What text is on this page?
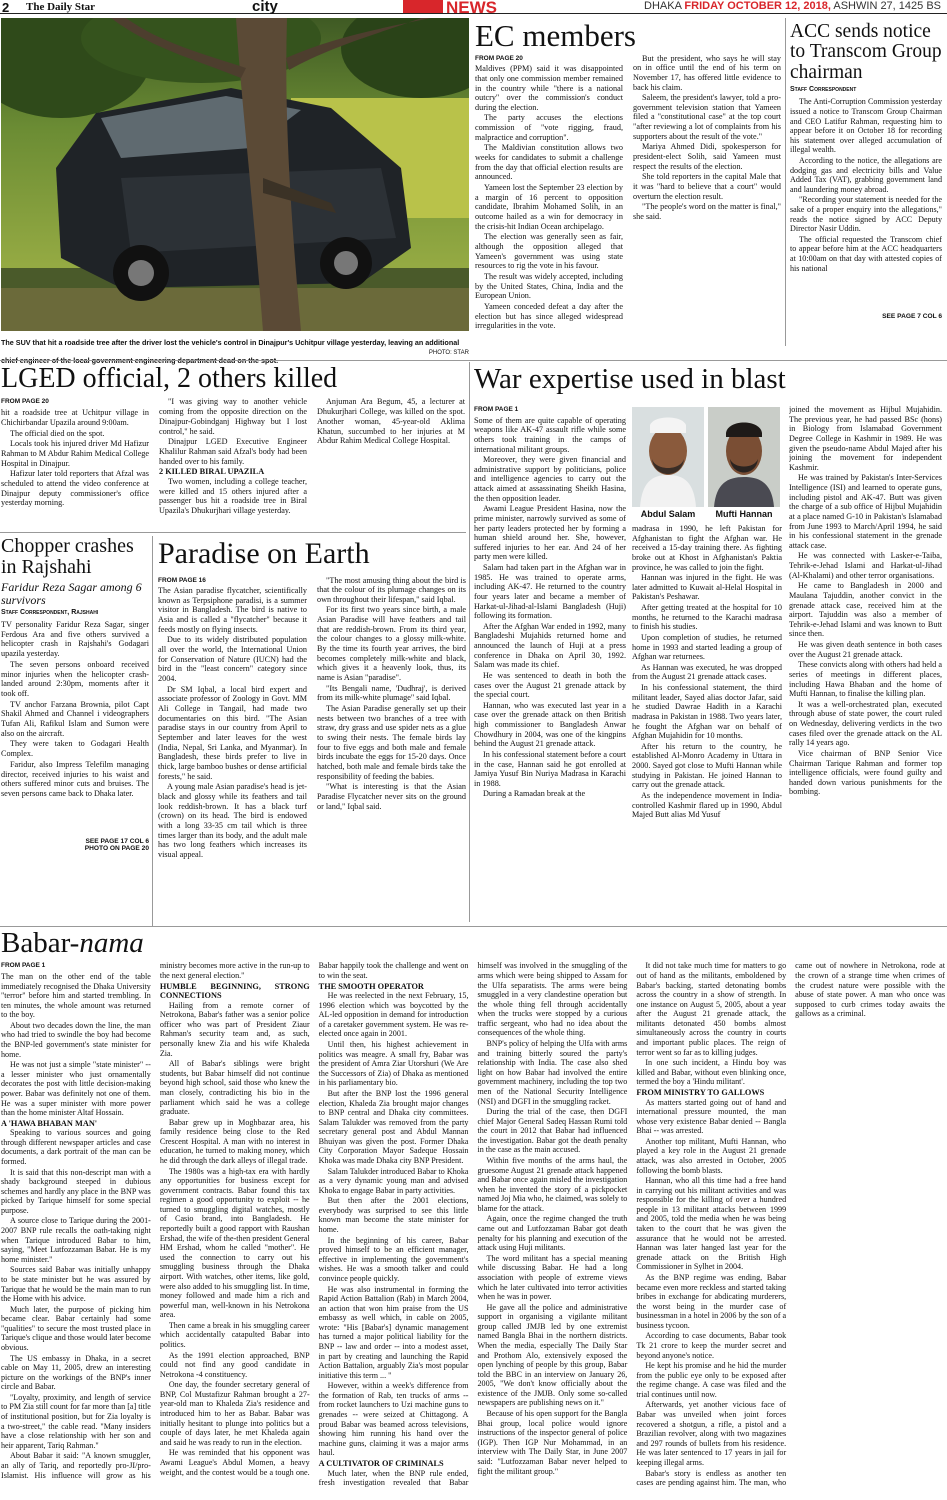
2 The Daily Star	city	NEWS	DHAKA FRIDAY OCTOBER 12, 2018, ASHWIN 27, 1425 BS
The SUV that hit a roadside tree after the driver lost the vehicle's control in Dinajpur's Uchitpur village yesterday, leaving an additional
PHOTO: STAR
EC members
FROM PAGE 20

Maldives (PPM) said it was disappointed that only one commission member remained in the country while "there is a national outcry" over the commission's conduct during the election.

The party accuses the elections commission of "vote rigging, fraud, malpractice and corruption".

The Maldivian constitution allows two weeks for candidates to submit a challenge from the day that official election results are announced.

Yameen lost the September 23 election by a margin of 16 percent to opposition candidate, Ibrahim Mohamed Solih, in an outcome hailed as a win for democracy in the crisis-hit Indian Ocean archipelago.

The election was generally seen as fair, although the opposition alleged that Yameen's government was using state resources to rig the vote in his favour.

The result was widely accepted, including by the United States, China, India and the European Union.

Yameen conceded defeat a day after the election but has since alleged widespread irregularities in the vote.

But the president, who says he will stay on in office until the end of his term on November 17, has offered little evidence to back his claim.

Saleem, the president's lawyer, told a pro-government television station that Yameen filed a "constitutional case" at the top court "after reviewing a lot of complaints from his supporters about the result of the vote."

Mariya Ahmed Didi, spokesperson for president-elect Solih, said Yameen must respect the results of the election.

She told reporters in the capital Male that it was "hard to believe that a court" would overturn the election result.

"The people's word on the matter is final," she said.

ACC sends notice to Transcom Group chairman
Staff Correspondent

The Anti-Corruption Commission yesterday issued a notice to Transcom Group Chairman and CEO Latifur Rahman, requesting him to appear before it on October 18 for recording his statement over alleged accumulation of illegal wealth.

According to the notice, the allegations are dodging gas and electricity bills and Value Added Tax (VAT), grabbing government land and laundering money abroad.

"Recording your statement is needed for the sake of a proper enquiry into the allegations," reads the notice signed by ACC Deputy Director Nasir Uddin.

The official requested the Transcom chief to appear before him at the ACC headquarters at 10:00am on that day with attested copies of his national

SEE PAGE 7 COL 6
LGED official, 2 others killed
FROM PAGE 20

hit a roadside tree at Uchitpur village in Chichirbandar Upazila around 9:00am.

The official died on the spot.

Locals took his injured driver Md Hafizur Rahman to M Abdur Rahim Medical College Hospital in Dinajpur.

Hafizur later told reporters that Afzal was scheduled to attend the video conference at Dinajpur deputy commissioner's office yesterday morning.

"I was giving way to another vehicle coming from the opposite direction on the Dinajpur-Gobindganj Highway but I lost control," he said.

Dinajpur LGED Executive Engineer Khalilur Rahman said Afzal's body had been handed over to his family.

2 KILLED BIRAL UPAZILA

Two women, including a college teacher, were killed and 15 others injured after a passenger bus hit a roadside tree in Biral Upazila's Dhukurjhari village yesterday.

Anjuman Ara Begum, 45, a lecturer at Dhukurjhari College, was killed on the spot. Another woman, 45-year-old Aklima Khatun, succumbed to her injuries at M Abdur Rahim Medical College Hospital.

Chopper crashes in Rajshahi
Faridur Reza Sagar among 6 survivors
Staff Correspondent, Rajshahi

TV personality Faridur Reza Sagar, singer Ferdous Ara and five others survived a helicopter crash in Rajshahi's Godagari upazila yesterday.

The seven persons onboard received minor injuries when the helicopter crash-landed around 2:30pm, moments after it took off.

TV anchor Farzana Brownia, pilot Capt Shakil Ahmed and Channel i videographers Tufan Ali, Rafikul Islam and Sumon were also on the aircraft.

They were taken to Godagari Health Complex.

Faridur, also Impress Telefilm managing director, received injuries to his waist and others suffered minor cuts and bruises. The seven persons came back to Dhaka later.

SEE PAGE 17 COL 6
PHOTO ON PAGE 20
Paradise on Earth
FROM PAGE 16

The Asian paradise flycatcher, scientifically known as Terpsiphone paradisi, is a summer visitor in Bangladesh. The bird is native to Asia and is called a "flycatcher" because it feeds mostly on flying insects.

Due to its widely distributed population all over the world, the International Union for Conservation of Nature (IUCN) had the bird in the "least concern" category since 2004.

Dr SM Iqbal, a local bird expert and associate professor of Zoology in Govt. MM Ali College in Tangail, had made two documentaries on this bird. "The Asian paradise stays in our country from April to September and later leaves for the west (India, Nepal, Sri Lanka, and Myanmar). In Bangladesh, these birds prefer to live in thick, large bamboo bushes or dense artificial forests," he said.

A young male Asian paradise's head is jet-black and glossy while its feathers and tail look reddish-brown. It has a black turf (crown) on its head. The bird is endowed with a long 33-35 cm tail which is three times larger than its body, and the adult male has two long feathers which increases its visual appeal.

"The most amusing thing about the bird is that the colour of its plumage changes on its own throughout their lifespan," said Iqbal.

For its first two years since birth, a male Asian Paradise will have feathers and tail that are reddish-brown. From its third year, the colour changes to a glossy milk-white. By the time its fourth year arrives, the bird becomes completely milk-white and black, which gives it a heavenly look, thus, its name is Asian "paradise".

"Its Bengali name, 'Dudhraj', is derived from its milk-white plumage" said Iqbal.

The Asian Paradise generally set up their nests between two branches of a tree with straw, dry grass and use spider nets as a glue to swing their nests. The female birds lay four to five eggs and both male and female birds incubate the eggs for 15-20 days. Once hatched, both male and female birds take the responsibility of feeding the babies.

"What is interesting is that the Asian Paradise Flycatcher never sits on the ground or land," Iqbal said.

War expertise used in blast
FROM PAGE 1

Some of them are quite capable of operating weapons like AK-47 assault rifle while some others took training in the camps of international militant groups.

Moreover, they were given financial and administrative support by politicians, police and intelligence agencies to carry out the attack aimed at assassinating Sheikh Hasina, the then opposition leader.

Awami League President Hasina, now the prime minister, narrowly survived as some of her party leaders protected her by forming a human shield around her. She, however, suffered injuries to her ear. And 24 of her party men were killed.

Salam had taken part in the Afghan war in 1985. He was trained to operate arms, including AK-47. He returned to the country four years later and became a member of Harkat-ul-Jihad-al-Islami Bangladesh (Huji) following its formation.

After the Afghan War ended in 1992, many Bangladeshi Mujahids returned home and announced the launch of Huji at a press conference in Dhaka on April 30, 1992. Salam was made its chief.

He was sentenced to death in both the cases over the August 21 grenade attack by the special court.

Hannan, who was executed last year in a case over the grenade attack on then British high commissioner to Bangladesh Anwar Chowdhury in 2004, was one of the kingpins behind the August 21 grenade attack.

In his confessional statement before a court in the case, Hannan said he got enrolled at Jamiya Yusuf Bin Nuriya Madrasa in Karachi in 1988.

During a Ramadan break at the

Abdul Salam	Mufti Hannan

madrasa in 1990, he left Pakistan for Afghanistan to fight the Afghan war. He received a 15-day training there. As fighting broke out at Khost in Afghanistan's Paktia province, he was called to join the fight.

Hannan was injured in the fight. He was later admitted to Kuwait al-Helal Hospital in Pakistan's Peshawar.

After getting treated at the hospital for 10 months, he returned to the Karachi madrasa to finish his studies.

Upon completion of studies, he returned home in 1993 and started leading a group of Afghan war returnees.

As Hannan was executed, he was dropped from the August 21 grenade attack cases.

In his confessional statement, the third militant leader, Sayed alias doctor Jafar, said he studied Dawrae Hadith in a Karachi madrasa in Pakistan in 1988. Two years later, he fought the Afghan war on behalf of Afghan Mujahidin for 10 months.

After his return to the country, he established Al-Monro Academy in Uttara in 2000. Sayed got close to Mufti Hannan while studying in Pakistan. He joined Hannan to carry out the grenade attack.

As the independence movement in India-controlled Kashmir flared up in 1990, Abdul Majed Butt alias Md Yusuf

joined the movement as Hijbul Mujahidin. The previous year, he had passed BSc (hons) in Biology from Islamabad Government Degree College in Kashmir in 1989. He was given the pseudo-name Abdul Majed after his joining the movement for independent Kashmir.

He was trained by Pakistan's Inter-Services Intelligence (ISI) and learned to operate guns, including pistol and AK-47. Butt was given the charge of a sub office of Hijbul Mujahidin at a place named G-10 in Pakistan's Islamabad from June 1993 to March/April 1994, he said in his confessional statement in the grenade attack case.

He was connected with Lasker-e-Taiba, Tehrik-e-Jehad Islami and Harkat-ul-Jihad (Al-Khalami) and other terror organisations.

He came to Bangladesh in 2000 and Maulana Tajuddin, another convict in the grenade attack case, received him at the airport. Tajuddin was also a member of Tehrik-e-Jehad Islami and was known to Butt since then.

He was given death sentence in both cases over the August 21 grenade attack.

These convicts along with others had held a series of meetings in different places, including Hawa Bhaban and the home of Mufti Hannan, to finalise the killing plan.

It was a well-orchestrated plan, executed through abuse of state power, the court ruled on Wednesday, delivering verdicts in the two cases filed over the grenade attack on the AL rally 14 years ago.

Vice chairman of BNP Senior Vice Chairman Tarique Rahman and former top intelligence officials, were found guilty and handed down various punishments for the bombing.

Babar-nama
FROM PAGE 1

The man on the other end of the table immediately recognised the Dhaka University "terror" before him and started trembling. In ten minutes, the whole amount was returned to the boy.

About two decades down the line, the man who had tried to swindle the boy had become the BNP-led government's state minister for home.

He was not just a simple "state minister" -- a lesser minister who just ornamentally decorates the post with little decision-making power. Babar was definitely not one of them. He was a super minister with more power than the home minister Altaf Hossain.

A 'HAWA BHABAN MAN'

Speaking to various sources and going through different newspaper articles and case documents, a dark portrait of the man can be formed.

It is said that this non-descript man with a shady background steeped in dubious schemes and hardly any place in the BNP was picked by Tarique himself for some special purpose.

A source close to Tarique during the 2001-2007 BNP rule recalls the oath-taking night when Tarique introduced Babar to him, saying, "Meet Lutfozzaman Babar. He is my home minister."

Sources said Babar was initially unhappy to be state minister but he was assured by Tarique that he would be the main man to run the Home with his advice.

Much later, the purpose of picking him became clear. Babar certainly had some "qualities" to secure the most trusted place in Tarique's clique and those would later become obvious.

The US embassy in Dhaka, in a secret cable on May 11, 2005, drew an interesting picture on the workings of the BNP's inner circle and Babar.

"Loyalty, proximity, and length of service to PM Zia still count for far more than [a] title of institutional position, but for Zia loyalty is a two-street," the cable read. "Many insiders have a close relationship with her son and heir apparent, Tariq Rahman."

About Babar it said: "A known smuggler, an ally of Tariq, and reportedly pro-JI/pro-Islamist. His influence will grow as his ministry becomes more active in the run-up to the next general election."

HUMBLE BEGINNING, STRONG CONNECTIONS

Hailing from a remote corner of Netrokona, Babar's father was a senior police officer who was part of President Ziaur Rahman's security team and, as such, personally knew Zia and his wife Khaleda Zia.

All of Babar's siblings were bright students, but Babar himself did not continue beyond high school, said those who knew the man closely, contradicting his bio in the parliament which said he was a college graduate.

Babar grew up in Moghbazar area, his family residence being close to the Red Crescent Hospital. A man with no interest in education, he turned to making money, which he did through the dark alleys of illegal trade.

The 1980s was a high-tax era with hardly any opportunities for business except for government contracts. Babar found this tax regimen a good opportunity to exploit -- he turned to smuggling digital watches, mostly of Casio brand, into Bangladesh. He reportedly built a good rapport with Raushan Ershad, the wife of the-then president General HM Ershad, whom he called "mother". He used the connection to carry out his smuggling business through the Dhaka airport. With watches, other items, like gold, were also added to his smuggling list. In time, money followed and made him a rich and powerful man, well-known in his Netrokona area.

Then came a break in his smuggling career which accidentally catapulted Babar into politics.

As the 1991 election approached, BNP could not find any good candidate in Netrokona -4 constituency.

One day, the founder secretary general of BNP, Col Mustafizur Rahman brought a 27-year-old man to Khaleda Zia's residence and introduced him to her as Babar. Babar was initially hesitant to plunge into politics but a couple of days later, he met Khaleda again and said he was ready to run in the election.

He was reminded that his opponent was Awami League's Abdul Momen, a heavy weight, and the contest would be a tough one. Babar happily took the challenge and went on to win the seat.

THE SMOOTH OPERATOR

He was reelected in the next February, 15, 1996 election which was boycotted by the AL-led opposition in demand for introduction of a caretaker government system. He was re-elected once again in 2001.

Until then, his highest achievement in politics was meagre. A small fry, Babar was the president of Amra Ziar Utorshuri (We Are the Successors of Zia) of Dhaka as mentioned in his parliamentary bio.

But after the BNP lost the 1996 general election, Khaleda Zia brought major changes to BNP central and Dhaka city committees. Salam Talukder was removed from the party secretary general post and Abdul Mannan Bhuiyan was given the post. Former Dhaka City Corporation Mayor Sadeque Hossain Khoka was made Dhaka city BNP President.

Salam Talukder introduced Babar to Khoka as a very dynamic young man and advised Khoka to engage Babar in party activities.

But then after the 2001 elections, everybody was surprised to see this little known man become the state minister for home.

In the beginning of his career, Babar proved himself to be an efficient manager, effective in implementing the government's wishes. He was a smooth talker and could convince people quickly.

He was also instrumental in forming the Rapid Action Battalion (Rab) in March 2004, an action that won him praise from the US embassy as well which, in cable on 2005, wrote: "His [Babar's] dynamic management has turned a major political liability for the BNP -- law and order -- into a modest asset, in part by creating and launching the Rapid Action Battalion, arguably Zia's most popular initiative this term ... "

However, within a week's difference from the formation of Rab, ten trucks of arms -- from rocket launchers to Uzi machine guns to grenades -- were seized at Chittagong. A proud Babar was beamed across televisions, showing him running his hand over the machine guns, claiming it was a major arms haul.

A CULTIVATOR OF CRIMINALS

Much later, when the BNP rule ended, fresh investigation revealed that Babar himself was involved in the smuggling of the arms which were being shipped to Assam for the Ulfa separatists. The arms were being smuggled in a very clandestine operation but the whole thing fell through accidentally when the trucks were stopped by a curious traffic sergeant, who had no idea about the consequences of the whole thing.

BNP's policy of helping the Ulfa with arms and training bitterly soured the party's relationship with India. The case also shed light on how Babar had involved the entire government machinery, including the top two men of the National Security Intelligence (NSI) and DGFI in the smuggling racket.

During the trial of the case, then DGFI chief Major General Sadeq Hassan Rumi told the court in 2012 that Babar had influenced the investigation. Babar got the death penalty in the case as the main accused.

Within five months of the arms haul, the gruesome August 21 grenade attack happened and Babar once again misled the investigation when he invented the story of a pickpocket named Joj Mia who, he claimed, was solely to blame for the attack.

Again, once the regime changed the truth came out and Lutfozzaman Babar got death penalty for his planning and execution of the attack using Huji militants.

The word militant has a special meaning while discussing Babar. He had a long association with people of extreme views which he later cultivated into terror activities when he was in power.

He gave all the police and administrative support in organising a vigilante militant group called JMJB led by one extremist named Bangla Bhai in the northern districts. When the media, especially The Daily Star and Prothom Alo, extensively exposed the open lynching of people by this group, Babar told the BBC in an interview on January 26, 2005, "We don't know officially about the existence of the JMJB. Only some so-called newspapers are publishing news on it."

Because of his open support for the Bangla Bhai group, local police would ignore instructions of the inspector general of police (IGP). Then IGP Nur Mohammad, in an interview with The Daily Star, in June 2007 said: "Lutfozzaman Babar never helped to fight the militant group."

It did not take much time for matters to go out of hand as the militants, emboldened by Babar's backing, started detonating bombs across the country in a show of strength. In one instance on August 5, 2005, about a year after the August 21 grenade attack, the militants detonated 450 bombs almost simultaneously across the country in courts and important public places. The reign of terror went so far as to killing judges.

In one such incident, a Hindu boy was killed and Babar, without even blinking once, termed the boy a 'Hindu militant'.

FROM MINISTRY TO GALLOWS

As matters started going out of hand and international pressure mounted, the man whose very existence Babar denied -- Bangla Bhai -- was arrested.

Another top militant, Mufti Hannan, who played a key role in the August 21 grenade attack, was also arrested in October, 2005 following the bomb blasts.

Hannan, who all this time had a free hand in carrying out his militant activities and was responsible for the killing of over a hundred people in 13 militant attacks between 1999 and 2005, told the media when he was being taken to the court that he was given the assurance that he would not be arrested. Hannan was later hanged last year for the grenade attack on the British High Commissioner in Sylhet in 2004.

As the BNP regime was ending, Babar became even more reckless and started taking bribes in exchange for abdicating murderers, the worst being in the murder case of businessman in a hotel in 2006 by the son of a business tycoon.

According to case documents, Babar took Tk 21 crore to keep the murder secret and beyond anyone's notice.

He kept his promise and he hid the murder from the public eye only to be exposed after the regime change. A case was filed and the trial continues until now.

Afterwards, yet another vicious face of Babar was unveiled when joint forces recovered a shotgun, a rifle, a pistol and a Brazilian revolver, along with two magazines and 297 rounds of bullets from his residence. He was later sentenced to 17 years in jail for keeping illegal arms.

Babar's story is endless as another ten cases are pending against him. The man, who came out of nowhere in Netrokona, rode at the crown of a strange time when crimes of the crudest nature were possible with the abuse of state power. A man who once was supposed to curb crimes today awaits the gallows as a criminal.
